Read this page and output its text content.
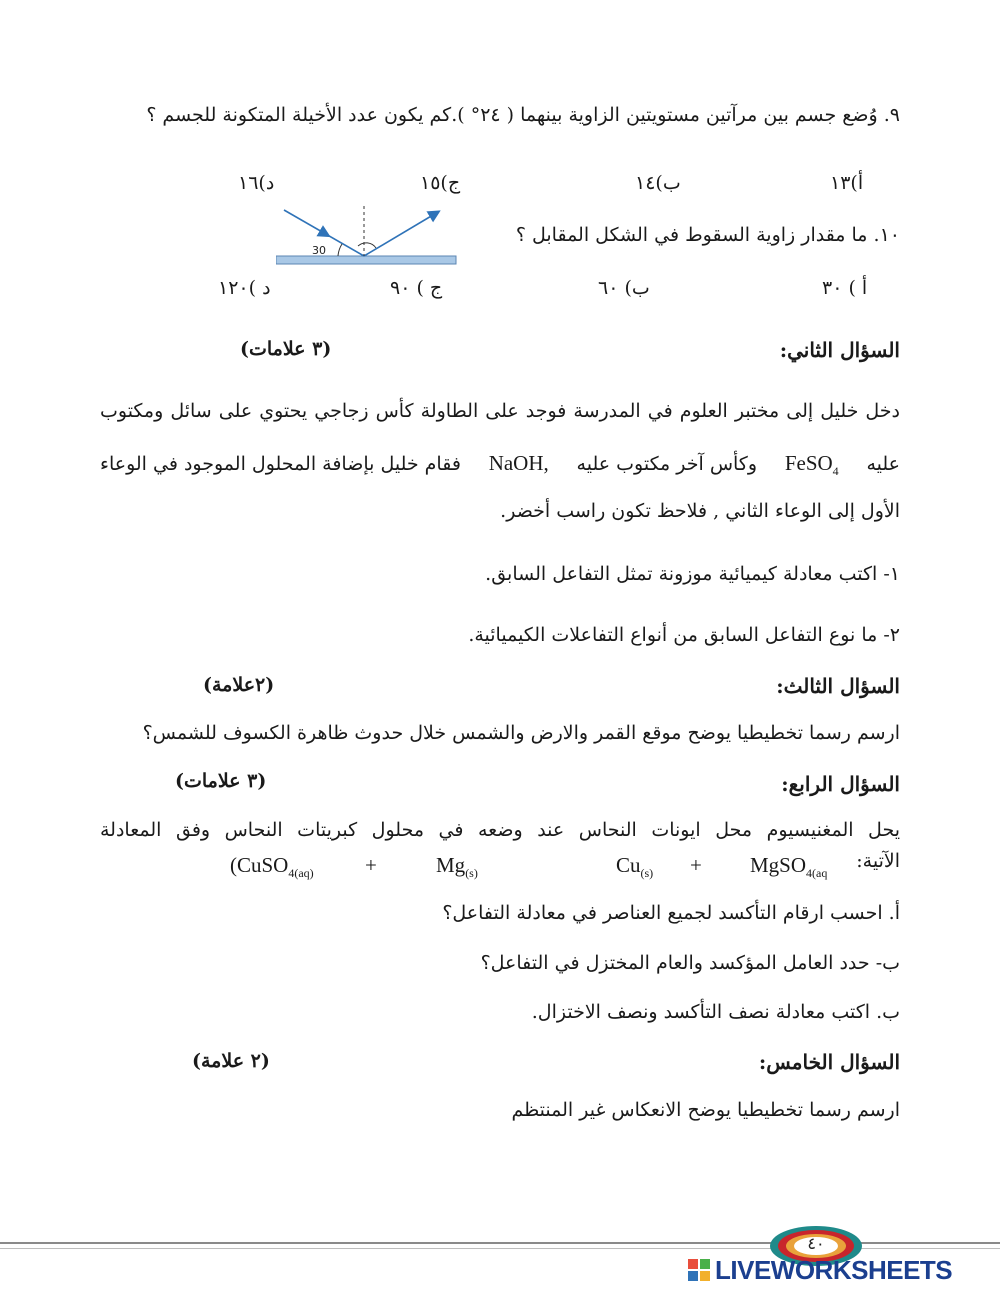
٩. وُضع جسم بين مرآتين مستويتين الزاوية بينهما ( ٢٤° ).كم يكون عدد الأخيلة المتكونة للجسم ؟
أ)١٣
ب)١٤
ج)١٥
د)١٦
١٠. ما مقدار زاوية السقوط في الشكل المقابل ؟
30
أ ) ٣٠
ب) ٦٠
ج ) ٩٠
د )١٢٠
السؤال الثاني:
(٣ علامات)
دخل خليل إلى مختبر العلوم في المدرسة فوجد على الطاولة كأس زجاجي يحتوي على سائل ومكتوب
عليه
FeSO$_4$
وكأس آخر مكتوب عليه
NaOH,
فقام خليل بإضافة المحلول الموجود في الوعاء
الأول إلى الوعاء الثاني , فلاحظ تكون راسب أخضر.
١- اكتب معادلة كيميائية موزونة تمثل التفاعل السابق.
٢- ما نوع التفاعل السابق من أنواع التفاعلات الكيميائية.
السؤال الثالث:
(٢علامة)
ارسم رسما تخطيطيا يوضح موقع القمر والارض والشمس خلال حدوث ظاهرة الكسوف للشمس؟
السؤال الرابع:
(٣ علامات)
يحل المغنيسيوم محل ايونات النحاس عند وضعه في محلول كبريتات النحاس وفق المعادلة
الآتية:
(CuSO$_{4(aq)}$ +	$Mg_{(s)}$	$Cu_{(s)}$ + MgSO$_{4(aq}$
أ. احسب ارقام التأكسد لجميع العناصر في معادلة التفاعل؟
ب- حدد العامل المؤكسد والعام المختزل في التفاعل؟
ب. اكتب معادلة نصف التأكسد ونصف الاختزال.
السؤال الخامس:
(٢ علامة)
ارسم رسما تخطيطيا يوضح الانعكاس غير المنتظم
٤٠
LIVEWORKSHEETS
